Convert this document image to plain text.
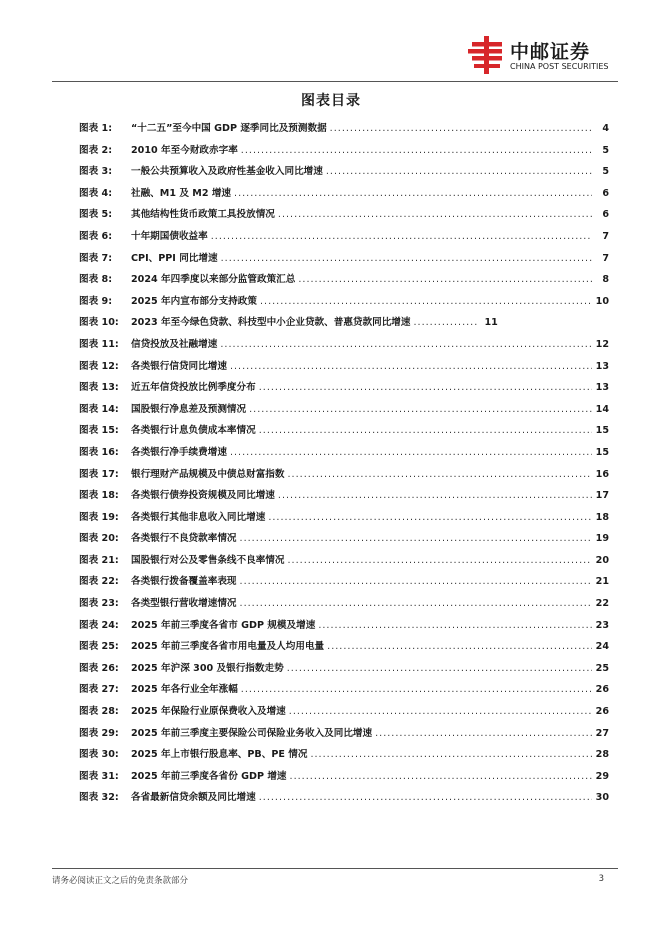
中邮证券
CHINA POST SECURITIES
图表目录
图表 1:	“十二五”至今中国 GDP 逐季同比及预测数据 .....	4
图表 2:	2010 年至今财政赤字率 .....	5
图表 3:	一般公共预算收入及政府性基金收入同比增速 .....	5
图表 4:	社融、M1 及 M2 增速 .....	6
图表 5:	其他结构性货币政策工具投放情况 .....	6
图表 6:	十年期国债收益率 .....	7
图表 7:	CPI、PPI 同比增速 .....	7
图表 8:	2024 年四季度以来部分监管政策汇总 .....	8
图表 9:	2025 年内宣布部分支持政策 .....	10
图表 10:	2023 年至今绿色贷款、科技型中小企业贷款、普惠贷款同比增速 .....	11
图表 11:	信贷投放及社融增速 .....	12
图表 12:	各类银行信贷同比增速 .....	13
图表 13:	近五年信贷投放比例季度分布 .....	13
图表 14:	国股银行净息差及预测情况 .....	14
图表 15:	各类银行计息负债成本率情况 .....	15
图表 16:	各类银行净手续费增速 .....	15
图表 17:	银行理财产品规模及中债总财富指数 .....	16
图表 18:	各类银行债券投资规模及同比增速 .....	17
图表 19:	各类银行其他非息收入同比增速 .....	18
图表 20:	各类银行不良贷款率情况 .....	19
图表 21:	国股银行对公及零售条线不良率情况 .....	20
图表 22:	各类银行拨备覆盖率表现 .....	21
图表 23:	各类型银行营收增速情况 .....	22
图表 24:	2025 年前三季度各省市 GDP 规模及增速 .....	23
图表 25:	2025 年前三季度各省市用电量及人均用电量 .....	24
图表 26:	2025 年沪深 300 及银行指数走势 .....	25
图表 27:	2025 年各行业全年涨幅 .....	26
图表 28:	2025 年保险行业原保费收入及增速 .....	26
图表 29:	2025 年前三季度主要保险公司保险业务收入及同比增速 .....	27
图表 30:	2025 年上市银行股息率、PB、PE 情况 .....	28
图表 31:	2025 年前三季度各省份 GDP 增速 .....	29
图表 32:	各省最新信贷余额及同比增速 .....	30
请务必阅读正文之后的免责条款部分	3
